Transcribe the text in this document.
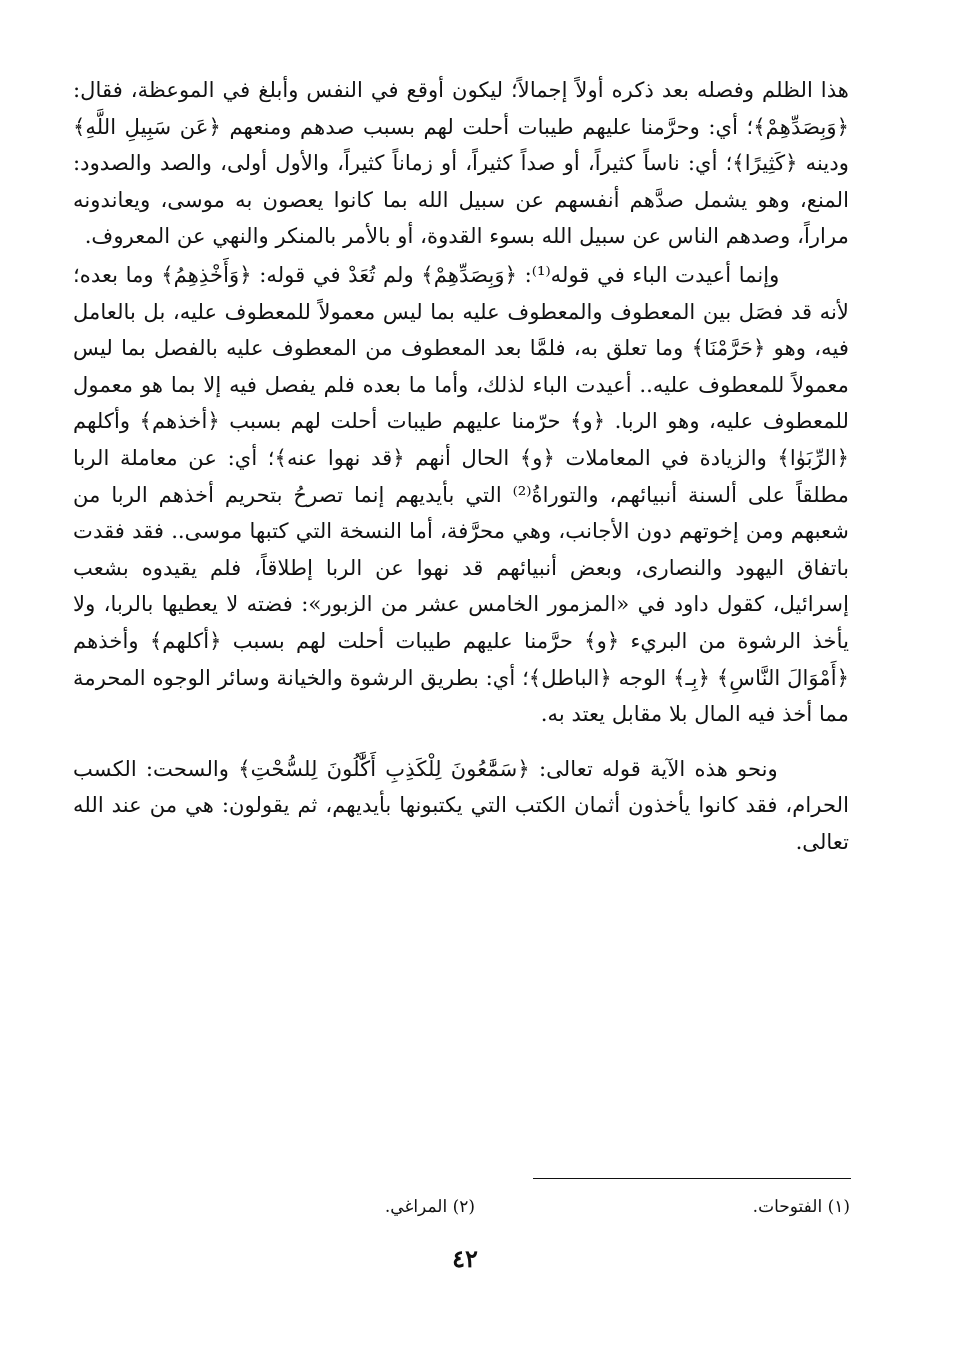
هذا الظلم وفصله بعد ذكره أولاً إجمالاً؛ ليكون أوقع في النفس وأبلغ في الموعظة، فقال: ﴿وَبِصَدِّهِمْ﴾؛ أي: وحرَّمنا عليهم طيبات أحلت لهم بسبب صدهم ومنعهم ﴿عَن سَبِيلِ اللَّهِ﴾ ودينه ﴿كَثِيرًا﴾؛ أي: ناساً كثيراً، أو صداً كثيراً، أو زماناً كثيراً، والأول أولى، والصد والصدود: المنع، وهو يشمل صدَّهم أنفسهم عن سبيل الله بما كانوا يعصون به موسى، ويعاندونه مراراً، وصدهم الناس عن سبيل الله بسوء القدوة، أو بالأمر بالمنكر والنهي عن المعروف.

وإنما أعيدت الباء في قوله⁽¹⁾: ﴿وَبِصَدِّهِمْ﴾ ولم تُعَدْ في قوله: ﴿وَأَخْذِهِمُ﴾ وما بعده؛ لأنه قد فصَل بين المعطوف والمعطوف عليه بما ليس معمولاً للمعطوف عليه، بل بالعامل فيه، وهو ﴿حَرَّمْنَا﴾ وما تعلق به، فلمَّا بعد المعطوف من المعطوف عليه بالفصل بما ليس معمولاً للمعطوف عليه.. أعيدت الباء لذلك، وأما ما بعده فلم يفصل فيه إلا بما هو معمول للمعطوف عليه، وهو الربا. ﴿و﴾ حرّمنا عليهم طيبات أحلت لهم بسبب ﴿أخذهم﴾ وأكلهم ﴿الرِّبَوٰا﴾ والزيادة في المعاملات ﴿و﴾ الحال أنهم ﴿قد نهوا عنه﴾؛ أي: عن معاملة الربا مطلقاً على ألسنة أنبيائهم، والتوراةُ⁽²⁾ التي بأيديهم إنما تصرحُ بتحريم أخذهم الربا من شعبهم ومن إخوتهم دون الأجانب، وهي محرَّفة، أما النسخة التي كتبها موسى.. فقد فقدت باتفاق اليهود والنصارى، وبعض أنبيائهم قد نهوا عن الربا إطلاقاً، فلم يقيدوه بشعب إسرائيل، كقول داود في «المزمور الخامس عشر من الزبور»: فضته لا يعطيها بالربا، ولا يأخذ الرشوة من البريء ﴿و﴾ حرَّمنا عليهم طيبات أحلت لهم بسبب ﴿أكلهم﴾ وأخذهم ﴿أَمْوَالَ النَّاسِ﴾ ﴿بِـ﴾ الوجه ﴿الباطل﴾؛ أي: بطريق الرشوة والخيانة وسائر الوجوه المحرمة مما أخذ فيه المال بلا مقابل يعتد به.

ونحو هذه الآية قوله تعالى: ﴿سَمَّٰعُونَ لِلْكَذِبِ أَكَّٰلُونَ لِلسُّحْتِ﴾ والسحت: الكسب الحرام، فقد كانوا يأخذون أثمان الكتب التي يكتبونها بأيديهم، ثم يقولون: هي من عند الله تعالى.

(١) الفتوحات.
(٢) المراغي.
٤٢
